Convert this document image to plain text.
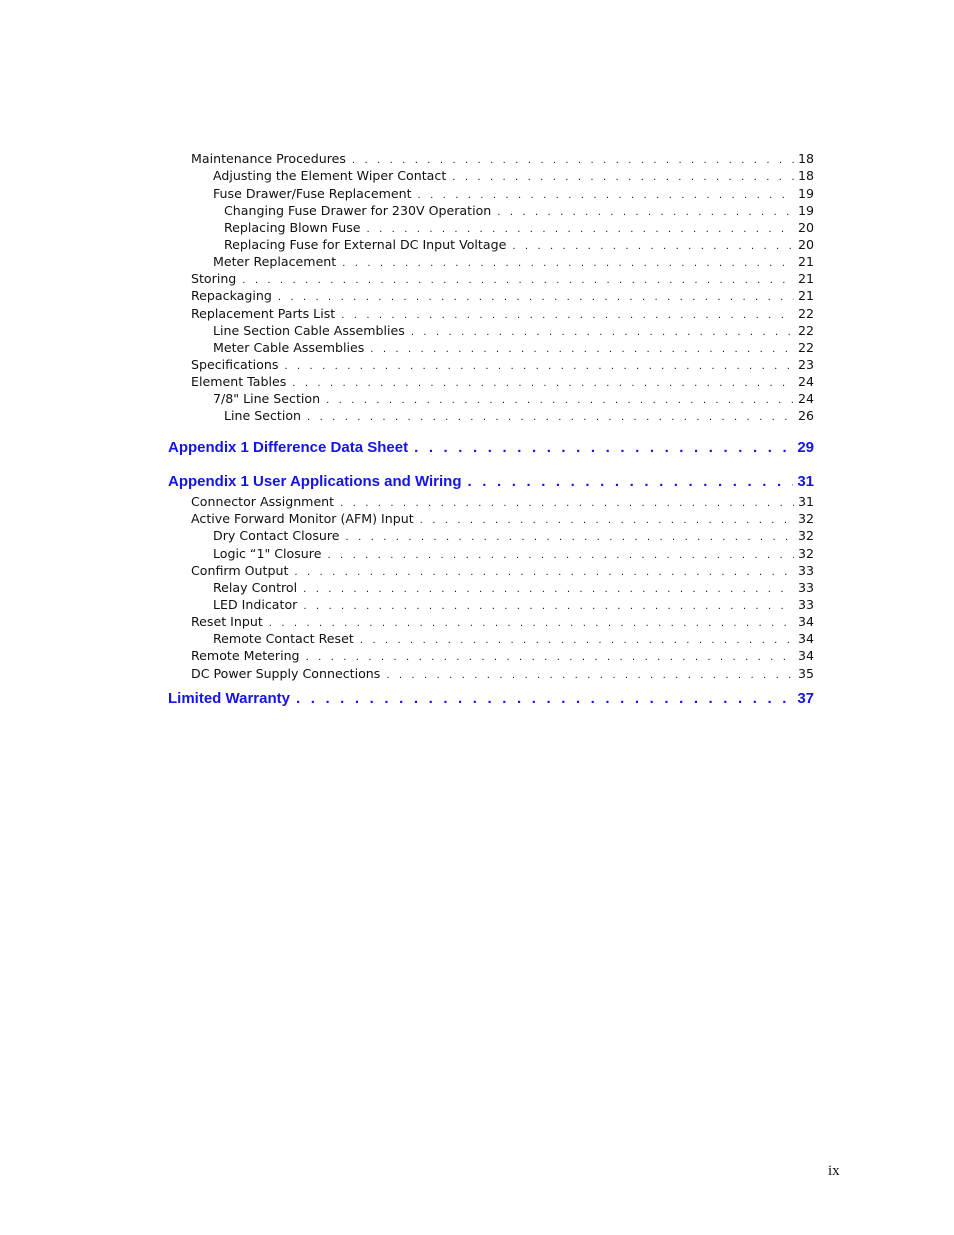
Maintenance Procedures . . .	18
Adjusting the Element Wiper Contact . . .	18
Fuse Drawer/Fuse Replacement . . .	19
Changing Fuse Drawer for 230V Operation . . .	19
Replacing Blown Fuse . . .	20
Replacing Fuse for External DC Input Voltage . . .	20
Meter Replacement . . .	21
Storing . . .	21
Repackaging . . .	21
Replacement Parts List . . .	22
Line Section Cable Assemblies . . .	22
Meter Cable Assemblies . . .	22
Specifications . . .	23
Element Tables . . .	24
7/8" Line Section . . .	24
Line Section . . .	26
Appendix 1 Difference Data Sheet . . .	29
Appendix 1 User Applications and Wiring . . .	31
Connector Assignment . . .	31
Active Forward Monitor (AFM) Input . . .	32
Dry Contact Closure . . .	32
Logic “1" Closure . . .	32
Confirm Output . . .	33
Relay Control . . .	33
LED Indicator . . .	33
Reset Input . . .	34
Remote Contact Reset . . .	34
Remote Metering . . .	34
DC Power Supply Connections . . .	35
Limited Warranty . . .	37
ix
